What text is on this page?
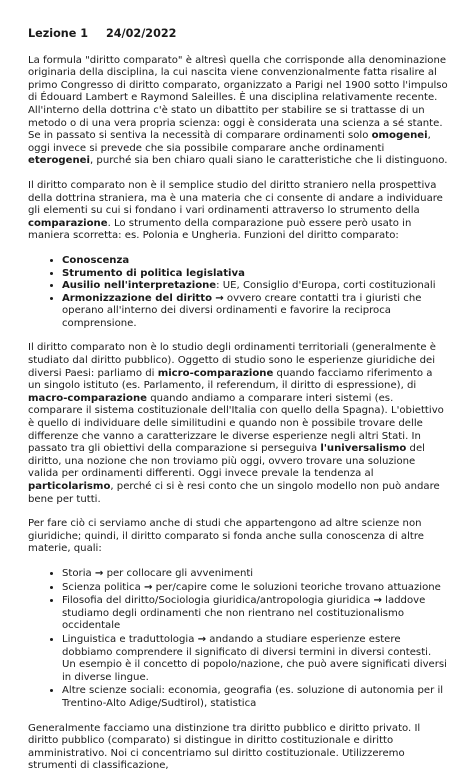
Lezione 1 24/02/2022

La formula "diritto comparato" è altresì quella che corrisponde alla denominazione originaria della disciplina, la cui nascita viene convenzionalmente fatta risalire al primo Congresso di diritto comparato, organizzato a Parigi nel 1900 sotto l'impulso di Édouard Lambert e Raymond Saleilles. È una disciplina relativamente recente. All'interno della dottrina c'è stato un dibattito per stabilire se si trattasse di un metodo o di una vera propria scienza: oggi è considerata una scienza a sé stante. Se in passato si sentiva la necessità di comparare ordinamenti solo omogenei, oggi invece si prevede che sia possibile comparare anche ordinamenti eterogenei, purché sia ben chiaro quali siano le caratteristiche che li distinguono.

Il diritto comparato non è il semplice studio del diritto straniero nella prospettiva della dottrina straniera, ma è una materia che ci consente di andare a individuare gli elementi su cui si fondano i vari ordinamenti attraverso lo strumento della comparazione. Lo strumento della comparazione può essere però usato in maniera scorretta: es. Polonia e Ungheria. Funzioni del diritto comparato:

• Conoscenza
• Strumento di politica legislativa
• Ausilio nell'interpretazione: UE, Consiglio d'Europa, corti costituzionali
• Armonizzazione del diritto → ovvero creare contatti tra i giuristi che operano all'interno dei diversi ordinamenti e favorire la reciproca comprensione.

Il diritto comparato non è lo studio degli ordinamenti territoriali (generalmente è studiato dal diritto pubblico). Oggetto di studio sono le esperienze giuridiche dei diversi Paesi: parliamo di micro-comparazione quando facciamo riferimento a un singolo istituto (es. Parlamento, il referendum, il diritto di espressione), di macro-comparazione quando andiamo a comparare interi sistemi (es. comparare il sistema costituzionale dell'Italia con quello della Spagna). L'obiettivo è quello di individuare delle similitudini e quando non è possibile trovare delle differenze che vanno a caratterizzare le diverse esperienze negli altri Stati. In passato tra gli obiettivi della comparazione si perseguiva l'universalismo del diritto, una nozione che non troviamo più oggi, ovvero trovare una soluzione valida per ordinamenti differenti. Oggi invece prevale la tendenza al particolarismo, perché ci si è resi conto che un singolo modello non può andare bene per tutti.

Per fare ciò ci serviamo anche di studi che appartengono ad altre scienze non giuridiche; quindi, il diritto comparato si fonda anche sulla conoscenza di altre materie, quali:

• Storia → per collocare gli avvenimenti
• Scienza politica → per/capire come le soluzioni teoriche trovano attuazione
• Filosofia del diritto/Sociologia giuridica/antropologia giuridica → laddove studiamo degli ordinamenti che non rientrano nel costituzionalismo occidentale
• Linguistica e traduttologia → andando a studiare esperienze estere dobbiamo comprendere il significato di diversi termini in diversi contesti. Un esempio è il concetto di popolo/nazione, che può avere significati diversi in diverse lingue.
• Altre scienze sociali: economia, geografia (es. soluzione di autonomia per il Trentino-Alto Adige/Sudtirol), statistica

Generalmente facciamo una distinzione tra diritto pubblico e diritto privato. Il diritto pubblico (comparato) si distingue in diritto costituzionale e diritto amministrativo. Noi ci concentriamo sul diritto costituzionale. Utilizzeremo strumenti di classificazione,
